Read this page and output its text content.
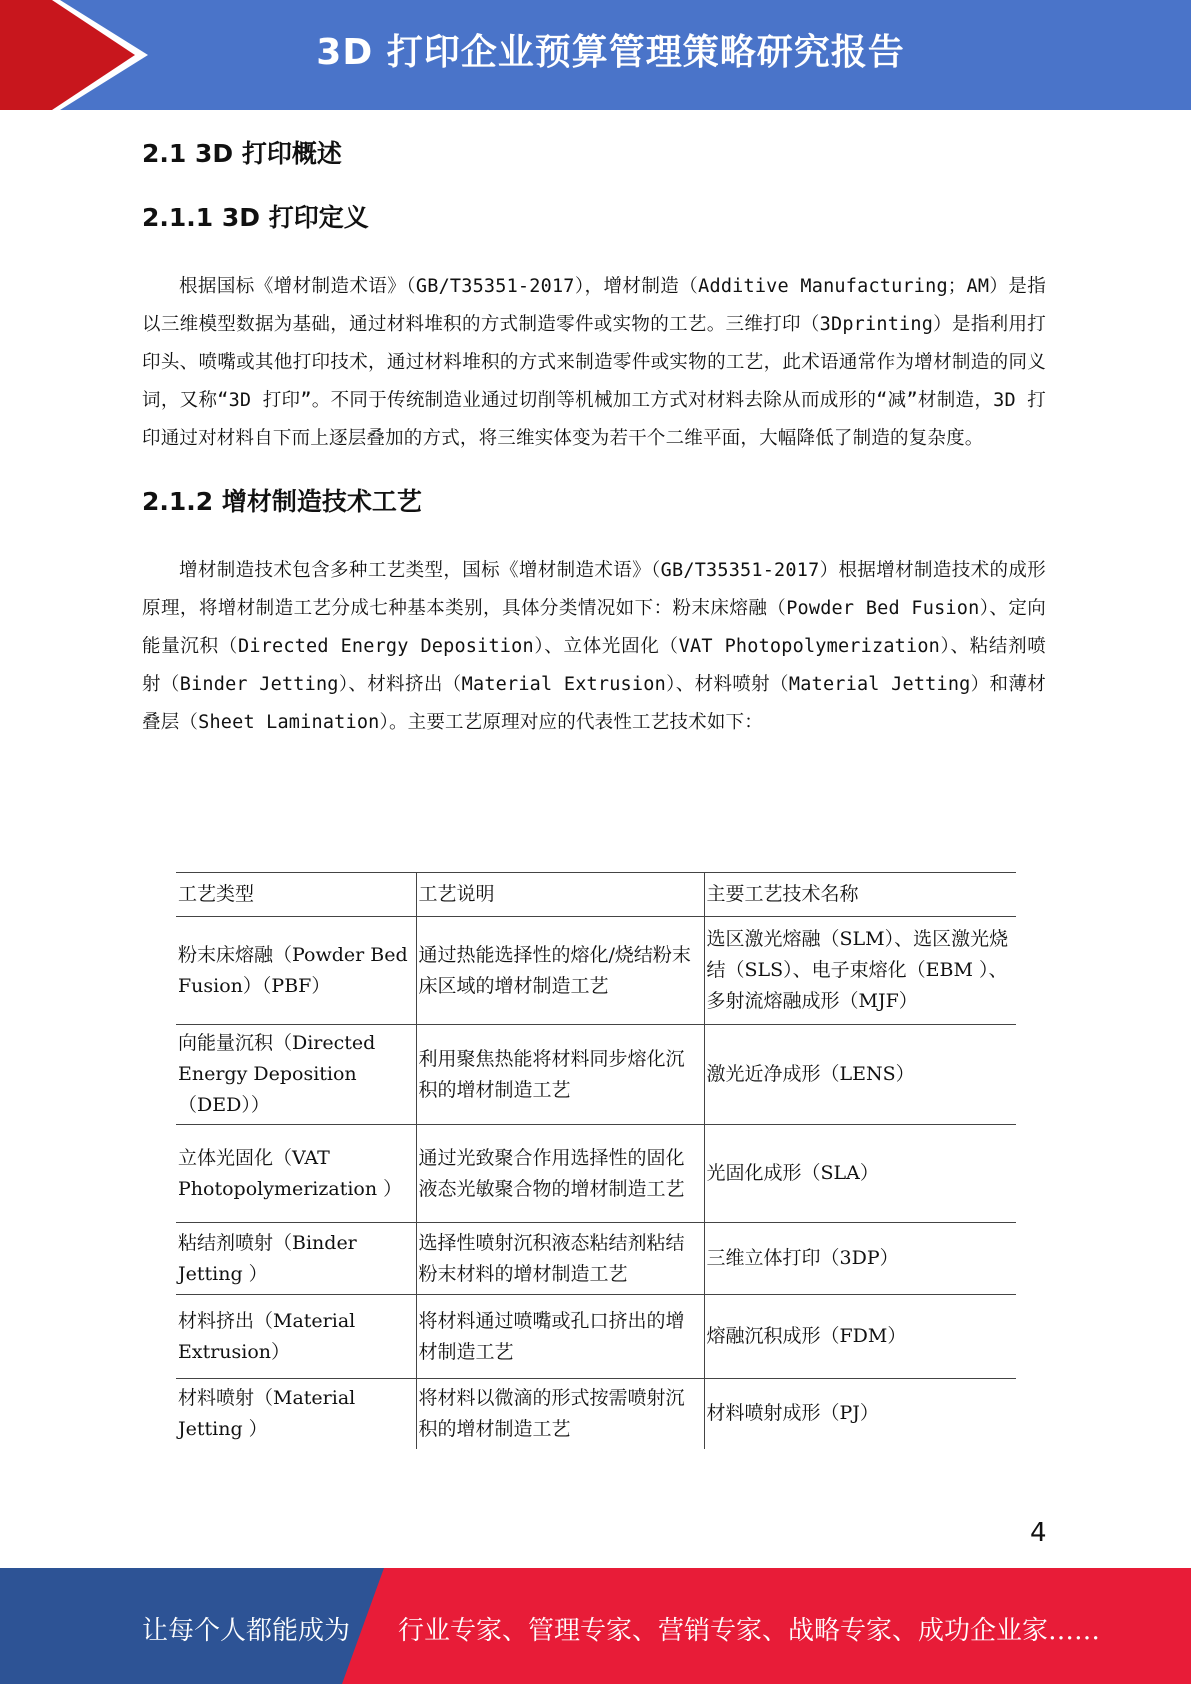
3D 打印企业预算管理策略研究报告
2.1 3D 打印概述
2.1.1 3D 打印定义

根据国标《增材制造术语》（GB/T35351-2017），增材制造（Additive Manufacturing；AM）是指以三维模型数据为基础，通过材料堆积的方式制造零件或实物的工艺。三维打印（3Dprinting）是指利用打印头、喷嘴或其他打印技术，通过材料堆积的方式来制造零件或实物的工艺，此术语通常作为增材制造的同义词，又称“3D 打印”。不同于传统制造业通过切削等机械加工方式对材料去除从而成形的“减”材制造，3D 打印通过对材料自下而上逐层叠加的方式，将三维实体变为若干个二维平面，大幅降低了制造的复杂度。

2.1.2 增材制造技术工艺

增材制造技术包含多种工艺类型，国标《增材制造术语》（GB/T35351-2017）根据增材制造技术的成形原理，将增材制造工艺分成七种基本类别，具体分类情况如下：粉末床熔融（Powder Bed Fusion）、定向能量沉积（Directed Energy Deposition）、立体光固化（VAT Photopolymerization）、粘结剂喷射（Binder Jetting）、材料挤出（Material Extrusion）、材料喷射（Material Jetting）和薄材叠层（Sheet Lamination）。主要工艺原理对应的代表性工艺技术如下：

工艺类型	工艺说明	主要工艺技术名称
粉末床熔融（Powder Bed Fusion）（PBF）	通过热能选择性的熔化/烧结粉末床区域的增材制造工艺	选区激光熔融（SLM）、选区激光烧结（SLS）、电子束熔化（EBM ）、多射流熔融成形（MJF）

向能量沉积（Directed Energy Deposition （DED））	利用聚焦热能将材料同步熔化沉积的增材制造工艺	激光近净成形（LENS）
立体光固化（VAT Photopolymerization ）	通过光致聚合作用选择性的固化液态光敏聚合物的增材制造工艺	光固化成形（SLA）
粘结剂喷射（Binder Jetting ）	选择性喷射沉积液态粘结剂粘结粉末材料的增材制造工艺	三维立体打印（3DP）
材料挤出（Material Extrusion）	将材料通过喷嘴或孔口挤出的增材制造工艺	熔融沉积成形（FDM）
材料喷射（Material Jetting ）	将材料以微滴的形式按需喷射沉积的增材制造工艺	材料喷射成形（PJ）
4
让每个人都能成为 行业专家、管理专家、营销专家、战略专家、成功企业家……
